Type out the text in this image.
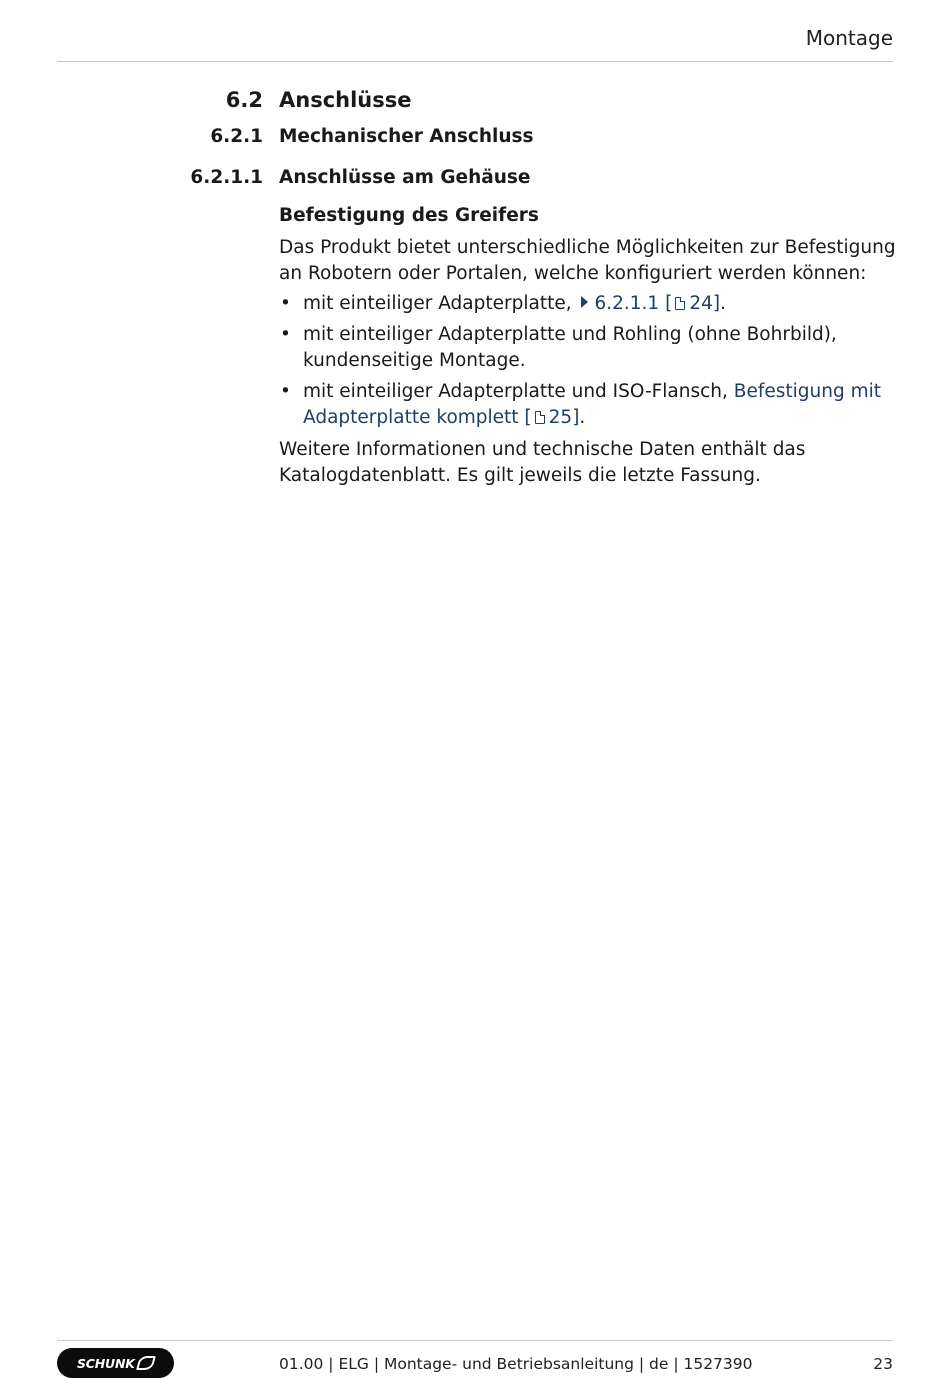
Montage
6.2 Anschlüsse
6.2.1 Mechanischer Anschluss
6.2.1.1 Anschlüsse am Gehäuse
Befestigung des Greifers

Das Produkt bietet unterschiedliche Möglichkeiten zur Befestigung
an Robotern oder Portalen, welche konfiguriert werden können:

• mit einteiliger Adapterplatte, 6.2.1.1 [ 24].
• mit einteiliger Adapterplatte und Rohling (ohne Bohrbild),
kundenseitige Montage.
• mit einteiliger Adapterplatte und ISO-Flansch, Befestigung mit
Adapterplatte komplett [ 25].

Weitere Informationen und technische Daten enthält das
Katalogdatenblatt. Es gilt jeweils die letzte Fassung.

SCHUNK	01.00 | ELG | Montage- und Betriebsanleitung | de | 1527390	23
